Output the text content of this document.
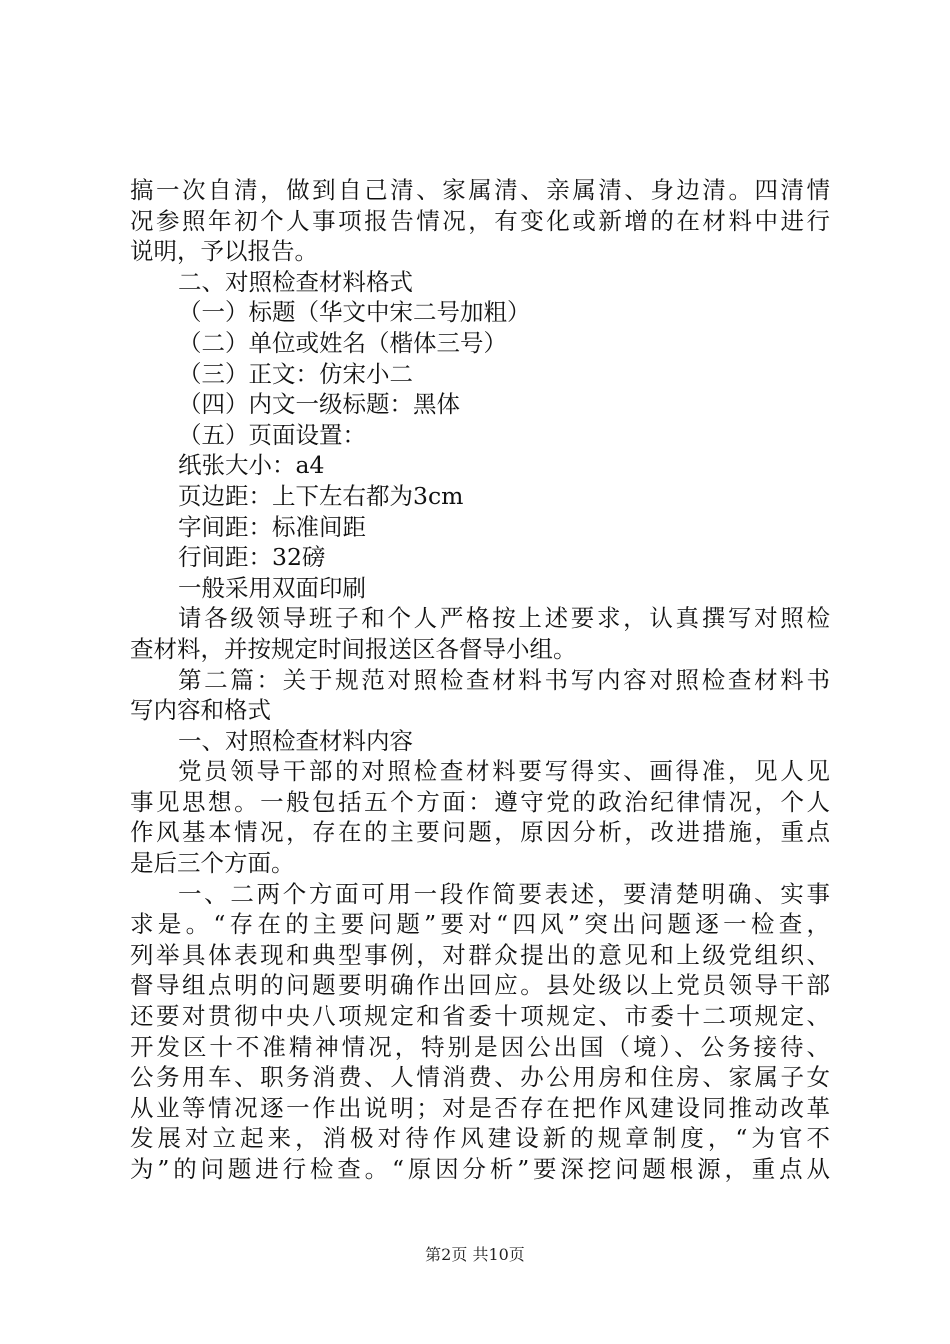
搞一次自清，做到自己清、家属清、亲属清、身边清。四清情
况参照年初个人事项报告情况，有变化或新增的在材料中进行
说明，予以报告。
二、对照检查材料格式
（一）标题（华文中宋二号加粗）
（二）单位或姓名（楷体三号）
（三）正文：仿宋小二
（四）内文一级标题：黑体
（五）页面设置：
纸张大小：a4
页边距：上下左右都为3cm
字间距：标准间距
行间距：32磅
一般采用双面印刷
请各级领导班子和个人严格按上述要求，认真撰写对照检
查材料，并按规定时间报送区各督导小组。
第二篇：关于规范对照检查材料书写内容对照检查材料书
写内容和格式
一、对照检查材料内容
党员领导干部的对照检查材料要写得实、画得准，见人见
事见思想。一般包括五个方面：遵守党的政治纪律情况，个人
作风基本情况，存在的主要问题，原因分析，改进措施，重点
是后三个方面。
一、二两个方面可用一段作简要表述，要清楚明确、实事
求是。“存在的主要问题”要对“四风”突出问题逐一检查，
列举具体表现和典型事例，对群众提出的意见和上级党组织、
督导组点明的问题要明确作出回应。县处级以上党员领导干部
还要对贯彻中央八项规定和省委十项规定、市委十二项规定、
开发区十不准精神情况，特别是因公出国（境）、公务接待、
公务用车、职务消费、人情消费、办公用房和住房、家属子女
从业等情况逐一作出说明；对是否存在把作风建设同推动改革
发展对立起来，消极对待作风建设新的规章制度，“为官不
为”的问题进行检查。“原因分析”要深挖问题根源，重点从
第2页 共10页
